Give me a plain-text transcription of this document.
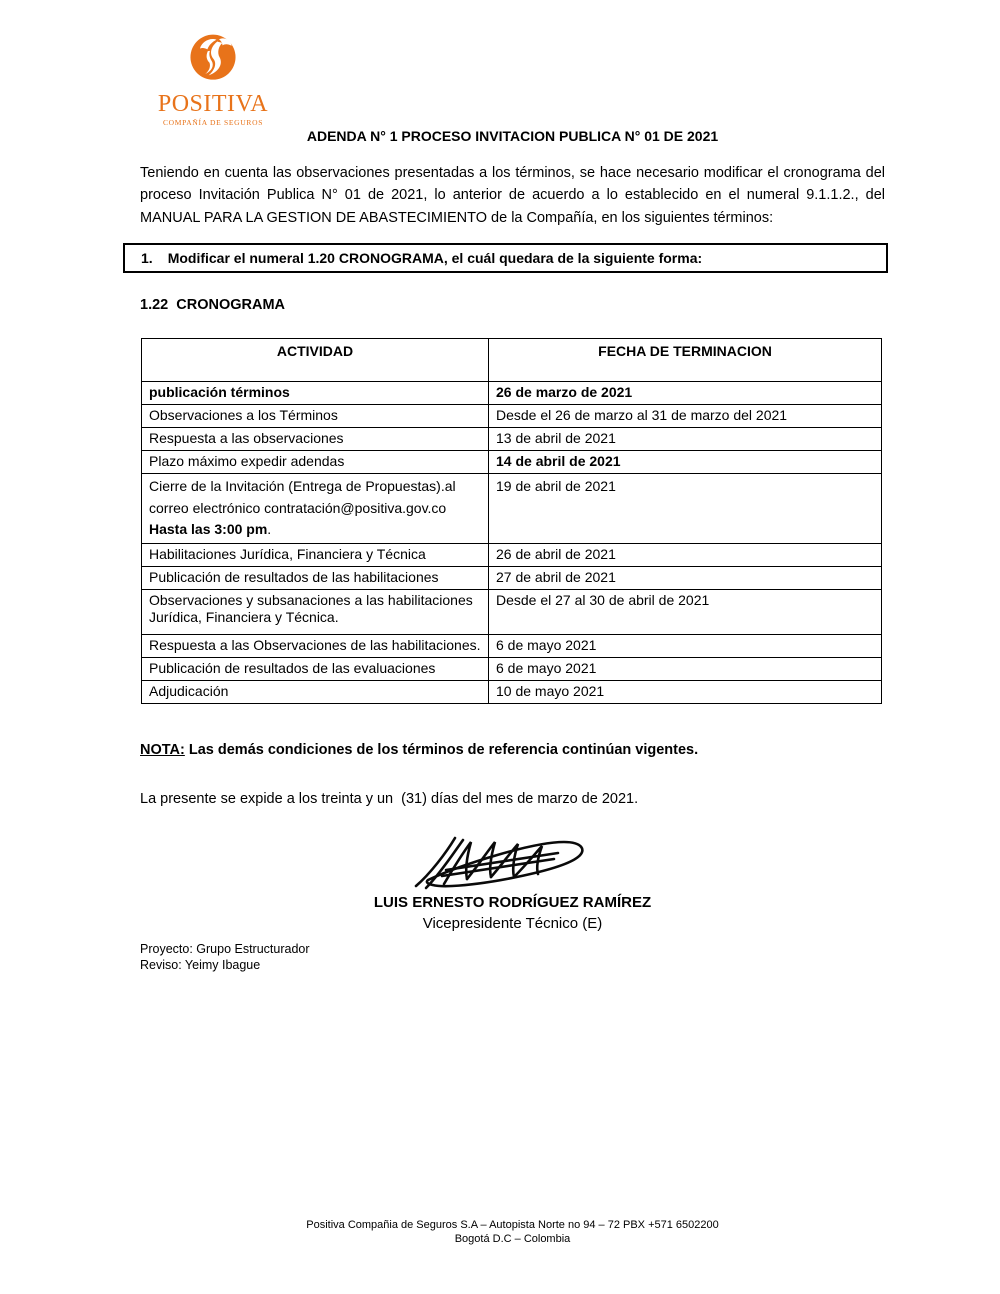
POSITIVA
COMPAÑÍA DE SEGUROS
ADENDA N° 1 PROCESO INVITACION PUBLICA N° 01 DE 2021
Teniendo en cuenta las observaciones presentadas a los términos, se hace necesario modificar el cronograma del proceso Invitación Publica N° 01 de 2021, lo anterior de acuerdo a lo establecido en el numeral 9.1.1.2., del MANUAL PARA LA GESTION DE ABASTECIMIENTO de la Compañía, en los siguientes términos:
1. Modificar el numeral 1.20 CRONOGRAMA, el cuál quedara de la siguiente forma:
1.22  CRONOGRAMA
ACTIVIDAD	FECHA DE TERMINACION
publicación términos	26 de marzo de 2021
Observaciones a los Términos	Desde el 26 de marzo al 31 de marzo del 2021
Respuesta a las observaciones	13 de abril de 2021
Plazo máximo expedir adendas	14 de abril de 2021
Cierre de la Invitación (Entrega de Propuestas).al correo electrónico contratación@positiva.gov.co Hasta las 3:00 pm.	19 de abril de 2021
Habilitaciones Jurídica, Financiera y Técnica	26 de abril de 2021
Publicación de resultados de las habilitaciones	27 de abril de 2021
Observaciones y subsanaciones a las habilitaciones Jurídica, Financiera y Técnica.	Desde el 27 al 30 de abril de 2021
Respuesta a las Observaciones de las habilitaciones.	6 de mayo 2021
Publicación de resultados de las evaluaciones	6 de mayo 2021
Adjudicación	10 de mayo 2021
NOTA: Las demás condiciones de los términos de referencia continúan vigentes.
La presente se expide a los treinta y un  (31) días del mes de marzo de 2021.
LUIS ERNESTO RODRÍGUEZ RAMÍREZ
Vicepresidente Técnico (E)
Proyecto: Grupo Estructurador
Reviso: Yeimy Ibague
Positiva Compañia de Seguros S.A – Autopista Norte no 94 – 72 PBX +571 6502200
Bogotá D.C – Colombia
